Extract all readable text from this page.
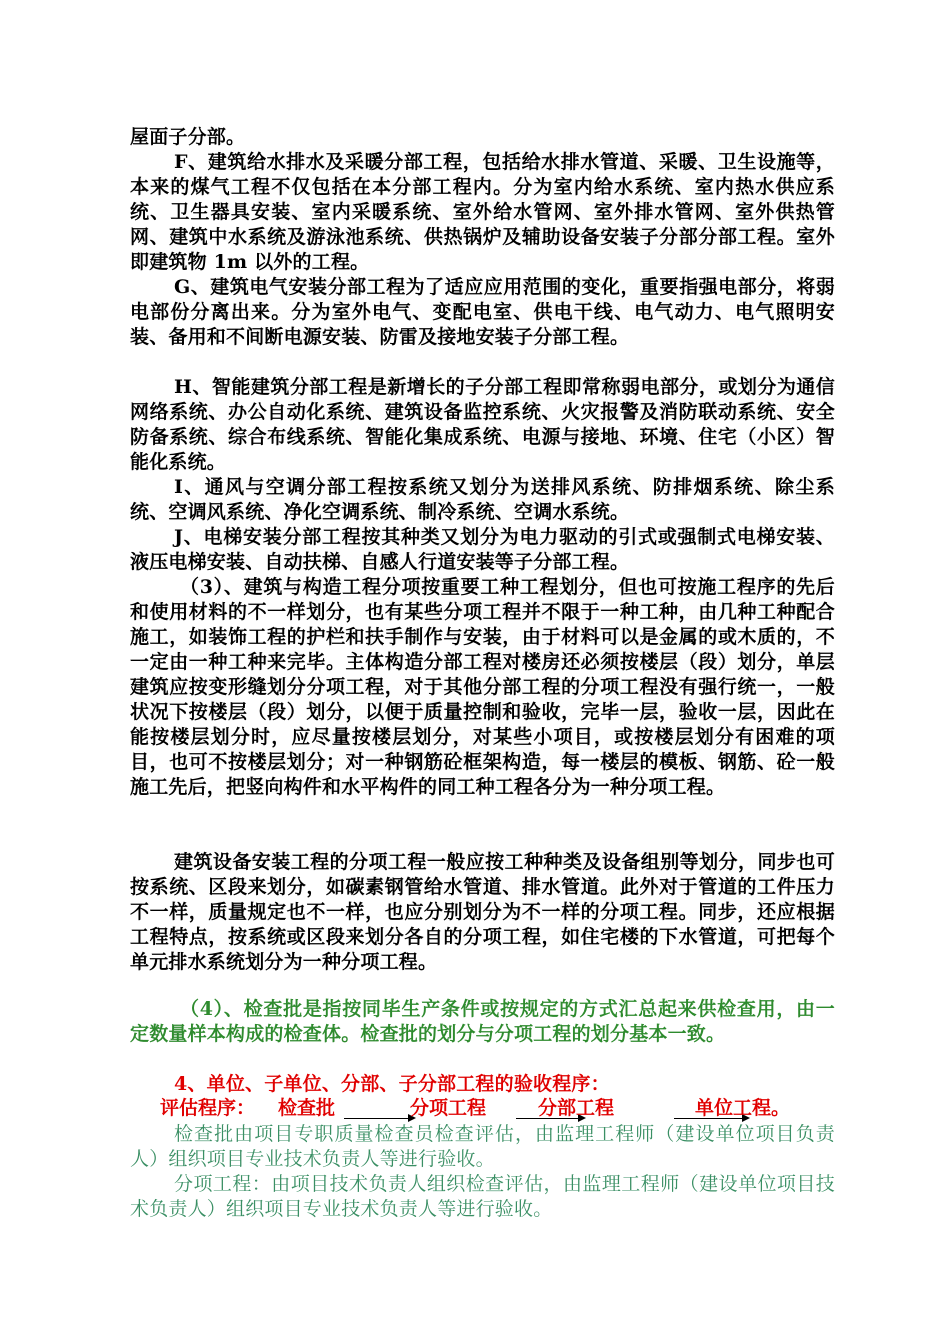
屋面子分部。

F、建筑给水排水及采暖分部工程，包括给水排水管道、采暖、卫生设施等，本来的煤气工程不仅包括在本分部工程内。分为室内给水系统、室内热水供应系统、卫生器具安装、室内采暖系统、室外给水管网、室外排水管网、室外供热管网、建筑中水系统及游泳池系统、供热锅炉及辅助设备安装子分部分部工程。室外即建筑物 1m 以外的工程。

G、建筑电气安装分部工程为了适应应用范围的变化，重要指强电部分，将弱电部份分离出来。分为室外电气、变配电室、供电干线、电气动力、电气照明安装、备用和不间断电源安装、防雷及接地安装子分部工程。

H、智能建筑分部工程是新增长的子分部工程即常称弱电部分，或划分为通信网络系统、办公自动化系统、建筑设备监控系统、火灾报警及消防联动系统、安全防备系统、综合布线系统、智能化集成系统、电源与接地、环境、住宅（小区）智能化系统。

I、通风与空调分部工程按系统又划分为送排风系统、防排烟系统、除尘系统、空调风系统、净化空调系统、制冷系统、空调水系统。

J、电梯安装分部工程按其种类又划分为电力驱动的引式或强制式电梯安装、液压电梯安装、自动扶梯、自感人行道安装等子分部工程。

（3）、建筑与构造工程分项按重要工种工程划分，但也可按施工程序的先后和使用材料的不一样划分，也有某些分项工程并不限于一种工种，由几种工种配合施工，如装饰工程的护栏和扶手制作与安装，由于材料可以是金属的或木质的，不一定由一种工种来完毕。主体构造分部工程对楼房还必须按楼层（段）划分，单层建筑应按变形缝划分分项工程，对于其他分部工程的分项工程没有强行统一，一般状况下按楼层（段）划分，以便于质量控制和验收，完毕一层，验收一层，因此在能按楼层划分时，应尽量按楼层划分，对某些小项目，或按楼层划分有困难的项目，也可不按楼层划分；对一种钢筋砼框架构造，每一楼层的模板、钢筋、砼一般施工先后，把竖向构件和水平构件的同工种工程各分为一种分项工程。

建筑设备安装工程的分项工程一般应按工种种类及设备组别等划分，同步也可按系统、区段来划分，如碳素钢管给水管道、排水管道。此外对于管道的工件压力不一样，质量规定也不一样，也应分别划分为不一样的分项工程。同步，还应根据工程特点，按系统或区段来划分各自的分项工程，如住宅楼的下水管道，可把每个单元排水系统划分为一种分项工程。

（4）、检查批是指按同毕生产条件或按规定的方式汇总起来供检查用，由一定数量样本构成的检查体。检查批的划分与分项工程的划分基本一致。

4、单位、子单位、分部、子分部工程的验收程序：

评估程序： 检查批	分项工程	分部工程	单位工程。

检查批由项目专职质量检查员检查评估，由监理工程师（建设单位项目负责人）组织项目专业技术负责人等进行验收。

分项工程：由项目技术负责人组织检查评估，由监理工程师（建设单位项目技术负责人）组织项目专业技术负责人等进行验收。
